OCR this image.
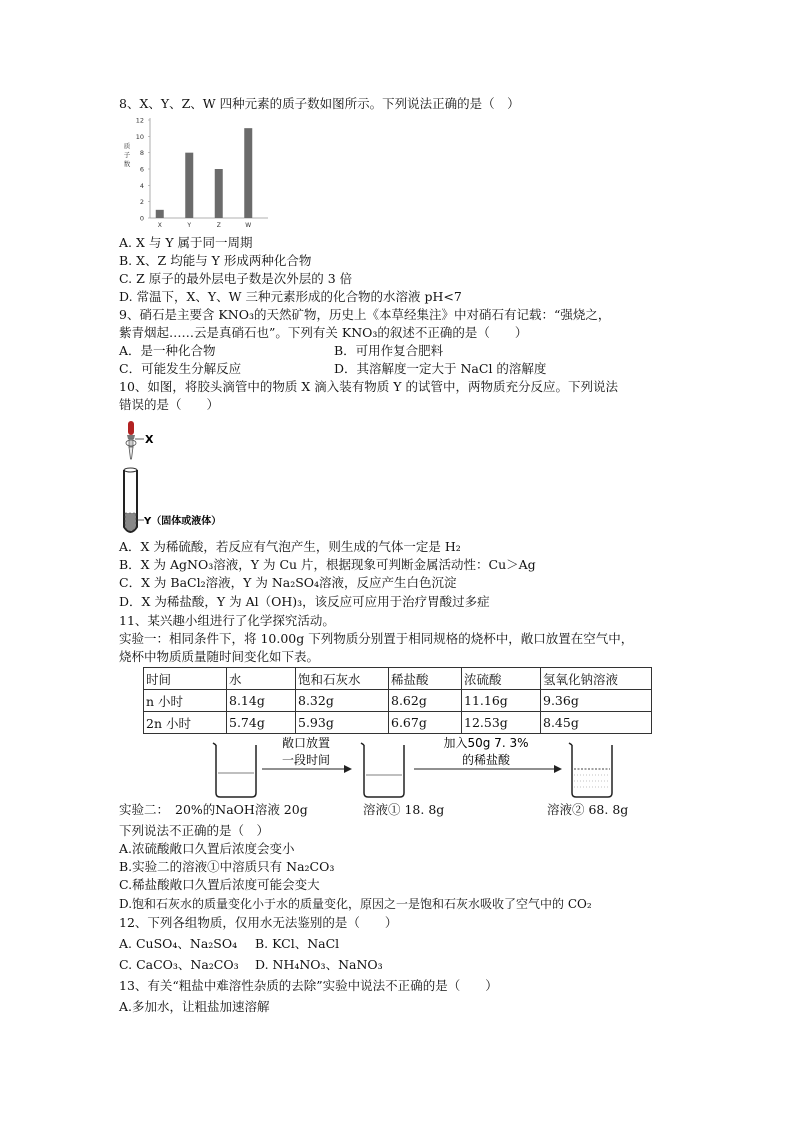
8、X、Y、Z、W 四种元素的质子数如图所示。下列说法正确的是（　）
0
2
4
6
8
10
12
质
子
数
X	Y	Z	W
A. X 与 Y 属于同一周期
B. X、Z 均能与 Y 形成两种化合物
C. Z 原子的最外层电子数是次外层的 3 倍
D. 常温下，X、Y、W 三种元素形成的化合物的水溶液 pH<7
9、硝石是主要含 KNO₃的天然矿物，历史上《本草经集注》中对硝石有记载：“强烧之，
紫青烟起……云是真硝石也”。下列有关 KNO₃的叙述不正确的是（　　）
A．是一种化合物	B．可用作复合肥料
C．可能发生分解反应	D．其溶解度一定大于 NaCl 的溶解度
10、如图，将胶头滴管中的物质 X 滴入装有物质 Y 的试管中，两物质充分反应。下列说法
错误的是（　　）
X
Y（固体或液体）
A．X 为稀硫酸，若反应有气泡产生，则生成的气体一定是 H₂
B．X 为 AgNO₃溶液，Y 为 Cu 片，根据现象可判断金属活动性：Cu＞Ag
C．X 为 BaCl₂溶液，Y 为 Na₂SO₄溶液，反应产生白色沉淀
D．X 为稀盐酸，Y 为 Al（OH)₃，该反应可应用于治疗胃酸过多症
11、某兴趣小组进行了化学探究活动。
实验一：相同条件下，将 10.00g 下列物质分别置于相同规格的烧杯中，敞口放置在空气中，
烧杯中物质质量随时间变化如下表。
时间	水	饱和石灰水	稀盐酸	浓硫酸	氢氧化钠溶液
n 小时	8.14g	8.32g	8.62g	11.16g	9.36g
2n 小时	5.74g	5.93g	6.67g	12.53g	8.45g
敞口放置
一段时间
加入50g 7. 3%
的稀盐酸
实验二： 20%的NaOH溶液 20g	溶液① 18. 8g	溶液② 68. 8g
下列说法不正确的是（　）
A.浓硫酸敞口久置后浓度会变小
B.实验二的溶液①中溶质只有 Na₂CO₃
C.稀盐酸敞口久置后浓度可能会变大
D.饱和石灰水的质量变化小于水的质量变化，原因之一是饱和石灰水吸收了空气中的 CO₂
12、下列各组物质，仅用水无法鉴别的是（　　）
A. CuSO₄、Na₂SO₄ B. KCl、NaCl
C. CaCO₃、Na₂CO₃ D. NH₄NO₃、NaNO₃
13、有关“粗盐中难溶性杂质的去除”实验中说法不正确的是（　　）
A.多加水，让粗盐加速溶解
